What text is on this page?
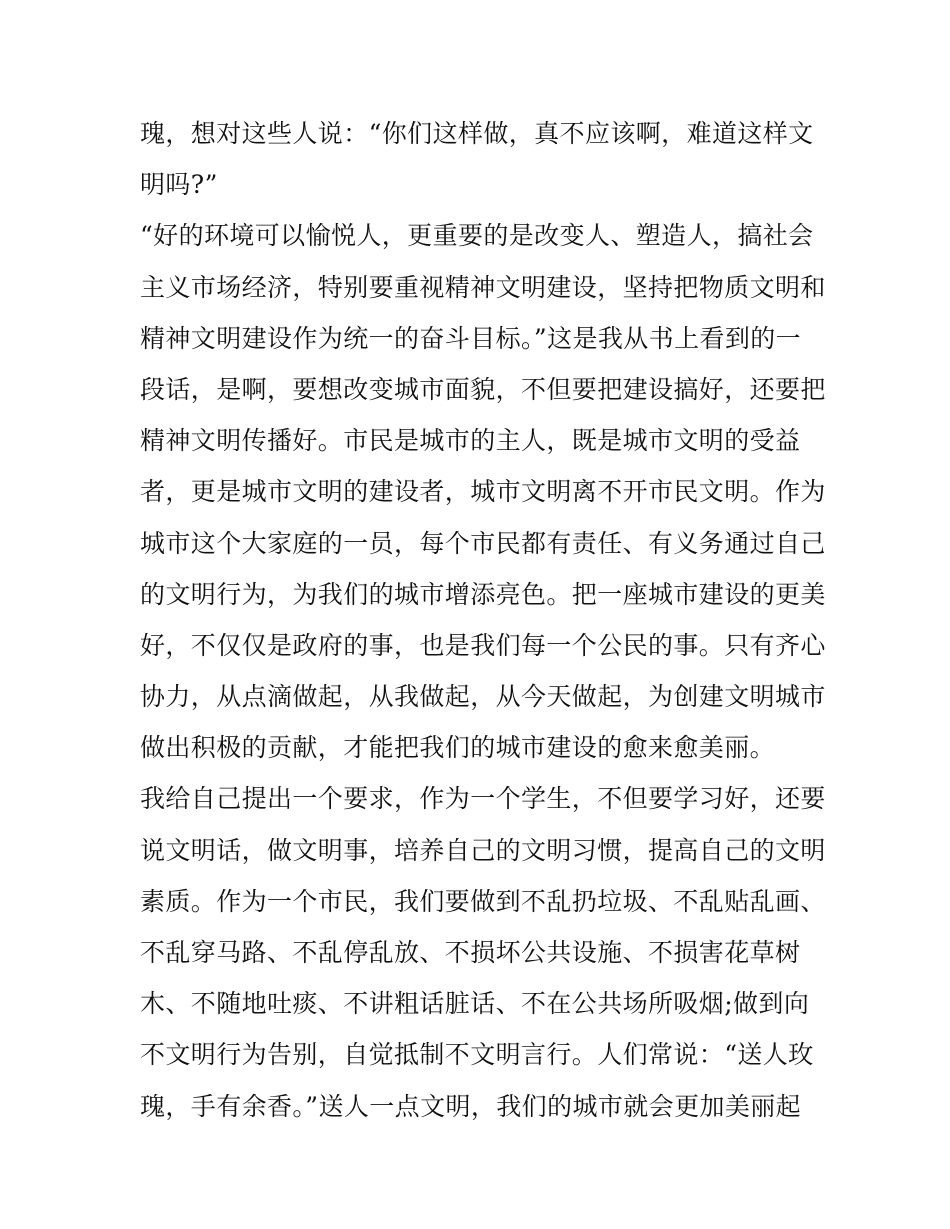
瑰，想对这些人说：“你们这样做，真不应该啊，难道这样文
明吗?”
“好的环境可以愉悦人，更重要的是改变人、塑造人，搞社会
主义市场经济，特别要重视精神文明建设，坚持把物质文明和
精神文明建设作为统一的奋斗目标。”这是我从书上看到的一
段话，是啊，要想改变城市面貌，不但要把建设搞好，还要把
精神文明传播好。市民是城市的主人，既是城市文明的受益
者，更是城市文明的建设者，城市文明离不开市民文明。作为
城市这个大家庭的一员，每个市民都有责任、有义务通过自己
的文明行为，为我们的城市增添亮色。把一座城市建设的更美
好，不仅仅是政府的事，也是我们每一个公民的事。只有齐心
协力，从点滴做起，从我做起，从今天做起，为创建文明城市
做出积极的贡献，才能把我们的城市建设的愈来愈美丽。
我给自己提出一个要求，作为一个学生，不但要学习好，还要
说文明话，做文明事，培养自己的文明习惯，提高自己的文明
素质。作为一个市民，我们要做到不乱扔垃圾、不乱贴乱画、
不乱穿马路、不乱停乱放、不损坏公共设施、不损害花草树
木、不随地吐痰、不讲粗话脏话、不在公共场所吸烟;做到向
不文明行为告别，自觉抵制不文明言行。人们常说：“送人玫
瑰，手有余香。”送人一点文明，我们的城市就会更加美丽起
